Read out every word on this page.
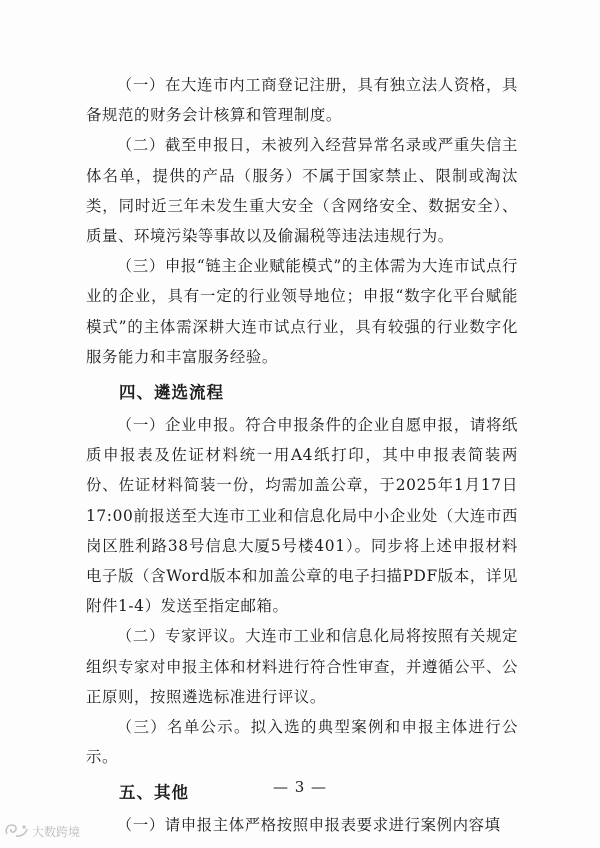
（一）在大连市内工商登记注册，具有独立法人资格，具备规范的财务会计核算和管理制度。

（二）截至申报日，未被列入经营异常名录或严重失信主体名单，提供的产品（服务）不属于国家禁止、限制或淘汰类，同时近三年未发生重大安全（含网络安全、数据安全）、质量、环境污染等事故以及偷漏税等违法违规行为。

（三）申报“链主企业赋能模式”的主体需为大连市试点行业的企业，具有一定的行业领导地位；申报“数字化平台赋能模式”的主体需深耕大连市试点行业，具有较强的行业数字化服务能力和丰富服务经验。

四、遴选流程

（一）企业申报。符合申报条件的企业自愿申报，请将纸质申报表及佐证材料统一用A4纸打印，其中申报表简装两份、佐证材料简装一份，均需加盖公章，于2025年1月17日17:00前报送至大连市工业和信息化局中小企业处（大连市西岗区胜利路38号信息大厦5号楼401）。同步将上述申报材料电子版（含Word版本和加盖公章的电子扫描PDF版本，详见附件1-4）发送至指定邮箱。

（二）专家评议。大连市工业和信息化局将按照有关规定组织专家对申报主体和材料进行符合性审查，并遵循公平、公正原则，按照遴选标准进行评议。

（三）名单公示。拟入选的典型案例和申报主体进行公示。

五、其他

（一）请申报主体严格按照申报表要求进行案例内容填

— 3 —
大数跨境
